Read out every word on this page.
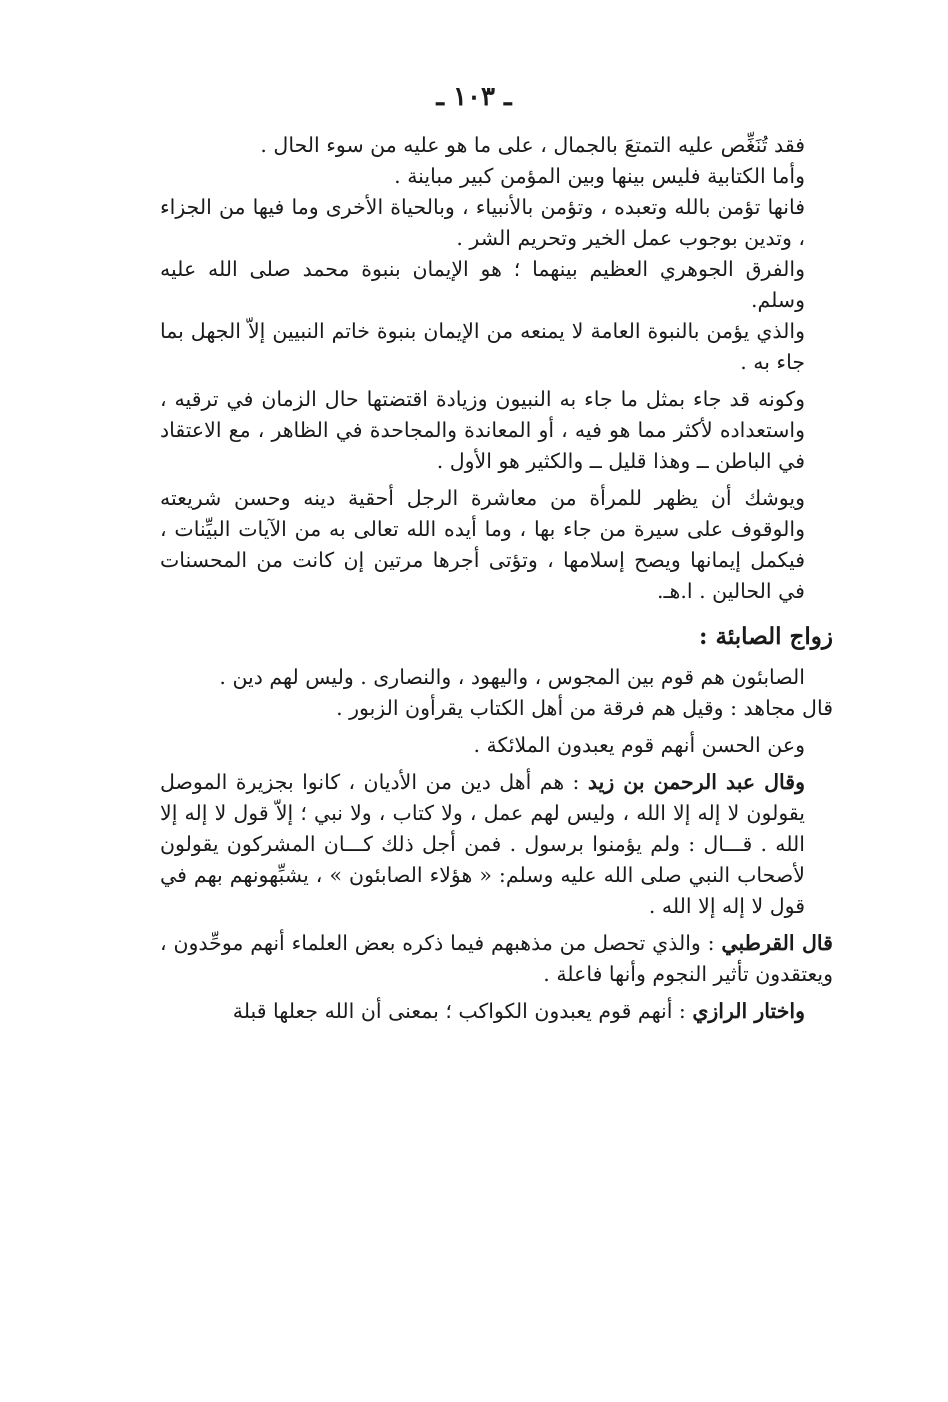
ـ ١٠٣ ـ

فقد تُنَغِّص عليه التمتعَ بالجمال ، على ما هو عليه من سوء الحال .

وأما الكتابية فليس بينها وبين المؤمن كبير مباينة .

فانها تؤمن بالله وتعبده ، وتؤمن بالأنبياء ، وبالحياة الأخرى وما فيها من الجزاء ، وتدين بوجوب عمل الخير وتحريم الشر .

والفرق الجوهري العظيم بينهما ؛ هو الإيمان بنبوة محمد صلى الله عليه وسلم.

والذي يؤمن بالنبوة العامة لا يمنعه من الإيمان بنبوة خاتم النبيين إلاّ الجهل بما جاء به .

وكونه قد جاء بمثل ما جاء به النبيون وزيادة اقتضتها حال الزمان في ترقيه ، واستعداده لأكثر مما هو فيه ، أو المعاندة والمجاحدة في الظاهر ، مع الاعتقاد في الباطن ــ وهذا قليل ــ والكثير هو الأول .

ويوشك أن يظهر للمرأة من معاشرة الرجل أحقية دينه وحسن شريعته والوقوف على سيرة من جاء بها ، وما أيده الله تعالى به من الآيات البيِّنات ، فيكمل إيمانها ويصح إسلامها ، وتؤتى أجرها مرتين إن كانت من المحسنات في الحالين . ا.هـ.

زواج الصابئة :

الصابئون هم قوم بين المجوس ، واليهود ، والنصارى . وليس لهم دين .

قال مجاهد : وقيل هم فرقة من أهل الكتاب يقرأون الزبور .

وعن الحسن أنهم قوم يعبدون الملائكة .

وقال عبد الرحمن بن زيد : هم أهل دين من الأديان ، كانوا بجزيرة الموصل يقولون لا إله إلا الله ، وليس لهم عمل ، ولا كتاب ، ولا نبي ؛ إلاّ قول لا إله إلا الله . قـــال : ولم يؤمنوا برسول . فمن أجل ذلك كـــان المشركون يقولون لأصحاب النبي صلى الله عليه وسلم: « هؤلاء الصابئون » ، يشبِّهونهم بهم في قول لا إله إلا الله .

قال القرطبي : والذي تحصل من مذهبهم فيما ذكره بعض العلماء أنهم موحِّدون ، ويعتقدون تأثير النجوم وأنها فاعلة .

واختار الرازي : أنهم قوم يعبدون الكواكب ؛ بمعنى أن الله جعلها قبلة
